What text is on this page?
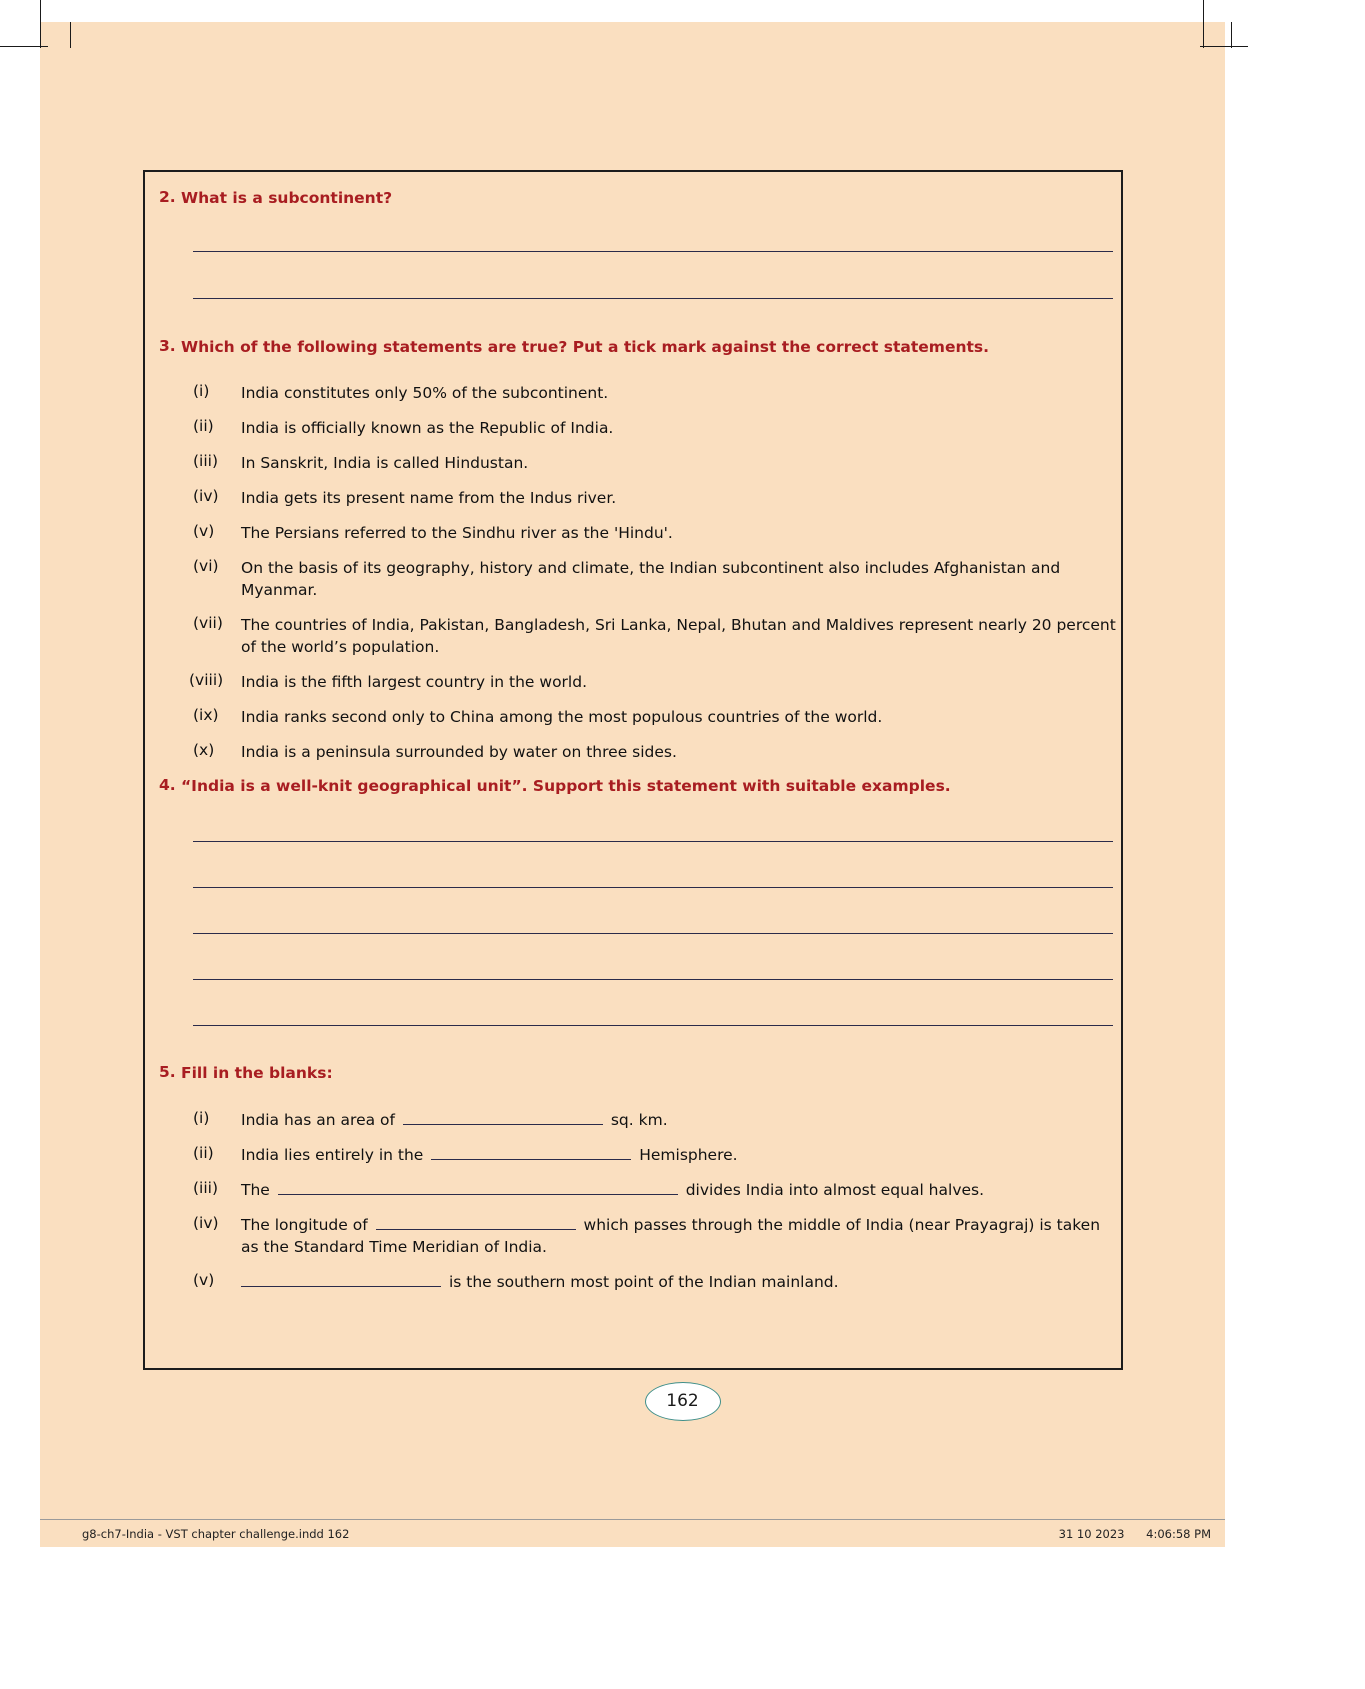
2. What is a subcontinent?
3. Which of the following statements are true? Put a tick mark against the correct statements.
(i)	India constitutes only 50% of the subcontinent.
(ii)	India is officially known as the Republic of India.
(iii)	In Sanskrit, India is called Hindustan.
(iv)	India gets its present name from the Indus river.
(v)	The Persians referred to the Sindhu river as the 'Hindu'.
(vi)	On the basis of its geography, history and climate, the Indian subcontinent also includes Afghanistan and Myanmar.
(vii)	The countries of India, Pakistan, Bangladesh, Sri Lanka, Nepal, Bhutan and Maldives represent nearly 20 percent of the world’s population.
(viii)	India is the fifth largest country in the world.
(ix)	India ranks second only to China among the most populous countries of the world.
(x)	India is a peninsula surrounded by water on three sides.
4. “India is a well-knit geographical unit”. Support this statement with suitable examples.
5. Fill in the blanks:
(i)	India has an area of	sq. km.
(ii)	India lies entirely in the	Hemisphere.
(iii)	The	divides India into almost equal halves.
(iv)	The longitude of	which passes through the middle of India (near Prayagraj) is taken as the Standard Time Meridian of India.
(v)	is the southern most point of the Indian mainland.
162
g8-ch7-India - VST chapter challenge.indd 162	31 10 2023 4:06:58 PM
